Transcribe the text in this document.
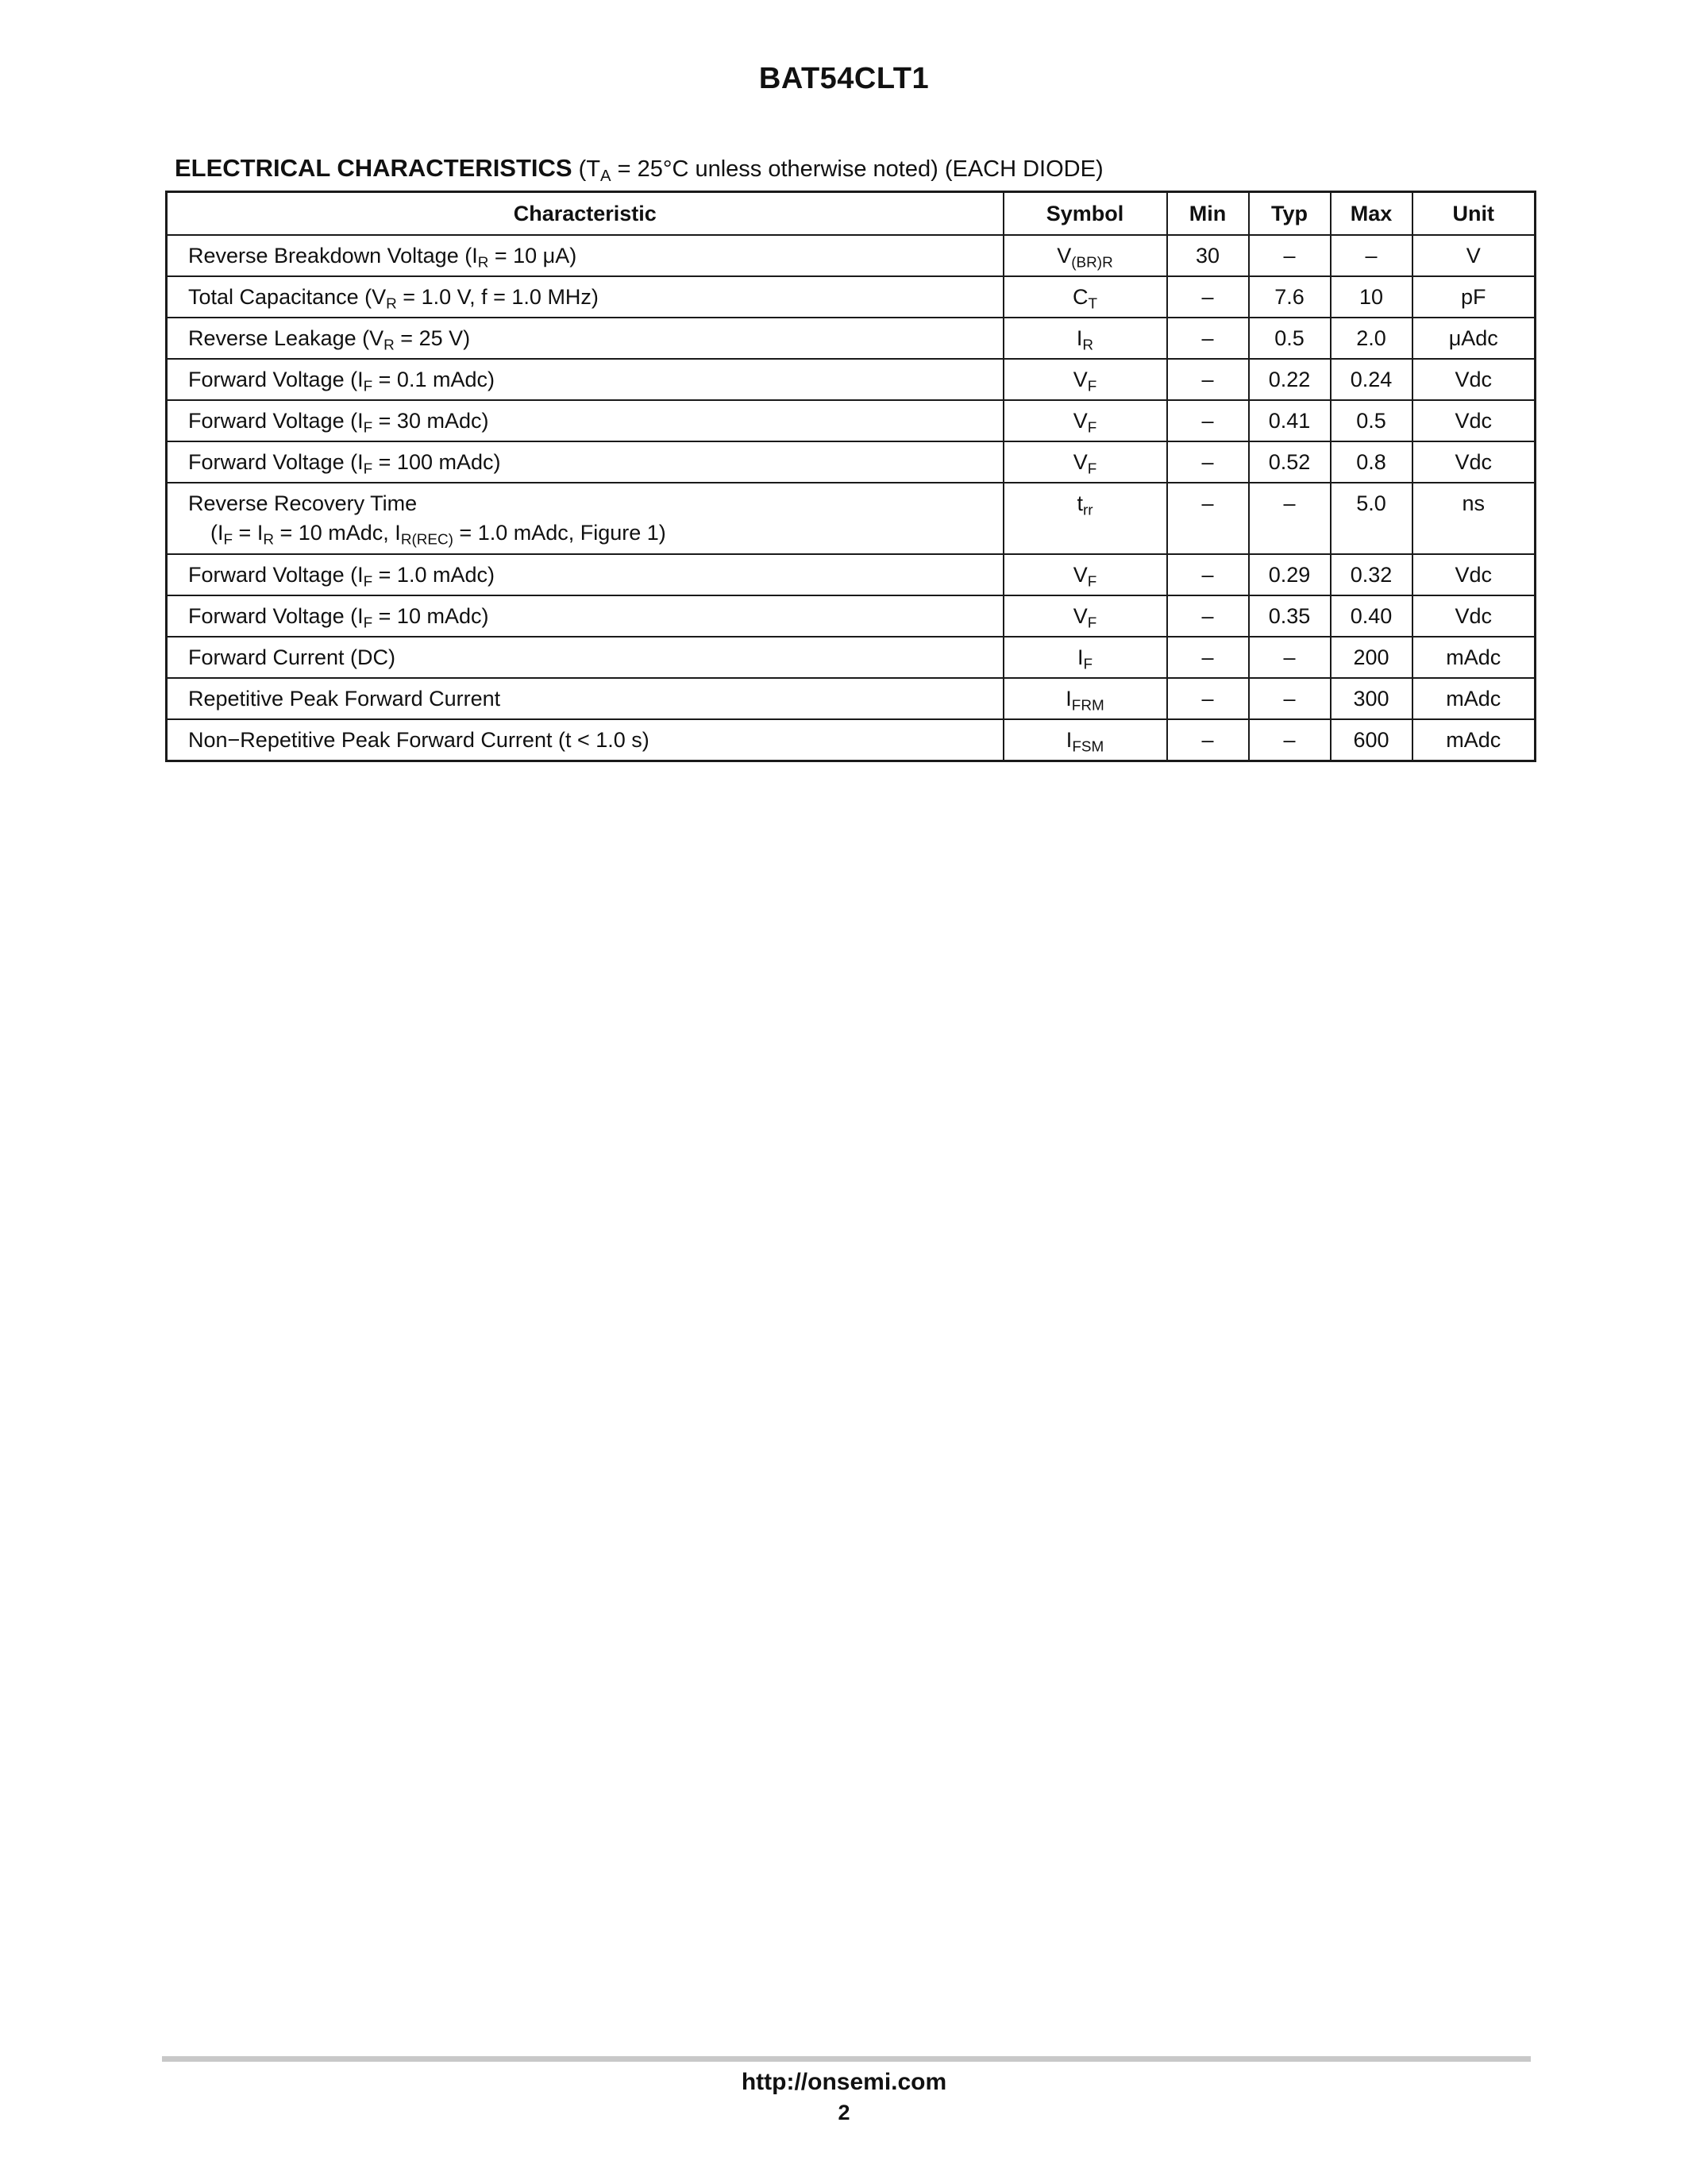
BAT54CLT1
ELECTRICAL CHARACTERISTICS ($T_A = 25^\circ C$ unless otherwise noted) (EACH DIODE)
Characteristic	Symbol	Min	Typ	Max	Unit
Reverse Breakdown Voltage ($I_R = 10$ μA)	$V_{(BR)R}$	30	–	–	V
Total Capacitance ($V_R = 1.0$ V, f = 1.0 MHz)	$C_T$	–	7.6	10	pF
Reverse Leakage ($V_R = 25$ V)	$I_R$	–	0.5	2.0	μAdc
Forward Voltage ($I_F = 0.1$ mAdc)	$V_F$	–	0.22	0.24	Vdc
Forward Voltage ($I_F = 30$ mAdc)	$V_F$	–	0.41	0.5	Vdc
Forward Voltage ($I_F = 100$ mAdc)	$V_F$	–	0.52	0.8	Vdc
Reverse Recovery Time
($I_F = I_R = 10$ mAdc, $I_{R(REC)} = 1.0$ mAdc, Figure 1)	$t_{rr}$	–	–	5.0	ns
Forward Voltage ($I_F = 1.0$ mAdc)	$V_F$	–	0.29	0.32	Vdc
Forward Voltage ($I_F = 10$ mAdc)	$V_F$	–	0.35	0.40	Vdc
Forward Current (DC)	$I_F$	–	–	200	mAdc
Repetitive Peak Forward Current	$I_{FRM}$	–	–	300	mAdc
Non−Repetitive Peak Forward Current (t < 1.0 s)	$I_{FSM}$	–	–	600	mAdc
http://onsemi.com
2
